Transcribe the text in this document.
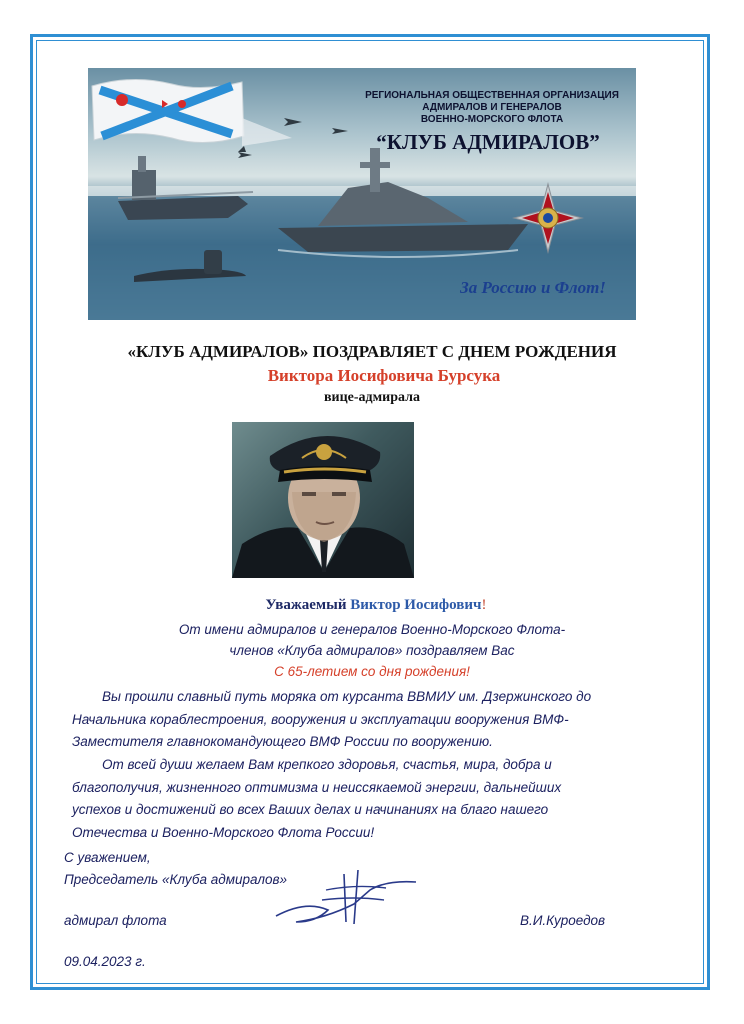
РЕГИОНАЛЬНАЯ ОБЩЕСТВЕННАЯ ОРГАНИЗАЦИЯ
АДМИРАЛОВ И ГЕНЕРАЛОВ
ВОЕННО-МОРСКОГО ФЛОТА
“КЛУБ АДМИРАЛОВ”
За Россию и Флот!
«КЛУБ АДМИРАЛОВ» ПОЗДРАВЛЯЕТ С ДНЕМ РОЖДЕНИЯ
Виктора Иосифовича Бурсука
вице-адмирала
Уважаемый Виктор Иосифович!
От имени адмиралов и генералов Военно-Морского Флота-
членов «Клуба адмиралов» поздравляем Вас
С 65-летием со дня рождения!
Вы прошли славный путь моряка от курсанта ВВМИУ им. Дзержинского до
Начальника кораблестроения, вооружения и эксплуатации вооружения ВМФ-
Заместителя главнокомандующего ВМФ России по вооружению.
От всей души желаем Вам крепкого здоровья, счастья, мира, добра и
благополучия, жизненного оптимизма и неиссякаемой энергии, дальнейших
успехов и достижений во всех Ваших делах и начинаниях на благо нашего
Отечества и Военно-Морского Флота России!
С уважением,
Председатель «Клуба адмиралов»
адмирал флота	В.И.Куроедов
09.04.2023 г.
